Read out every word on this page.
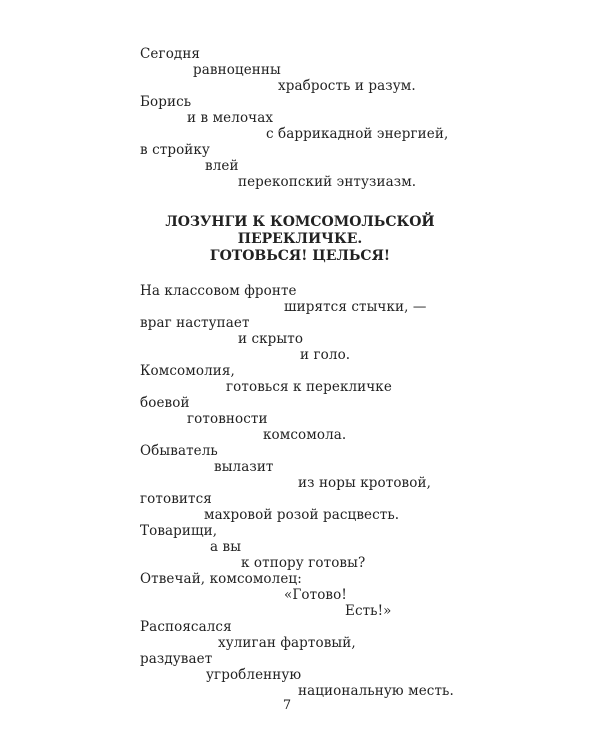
Сегодня
равноценны
храбрость и разум.
Борись
и в мелочах
с баррикадной энергией,
в стройку
влей
перекопский энтузиазм.
ЛОЗУНГИ К КОМСОМОЛЬСКОЙ
ПЕРЕКЛИЧКЕ.
ГОТОВЬСЯ! ЦЕЛЬСЯ!
На классовом фронте
ширятся стычки, —
враг наступает
и скрыто
и голо.
Комсомолия,
готовься к перекличке
боевой
готовности
комсомола.
Обыватель
вылазит
из норы кротовой,
готовится
махровой розой расцвесть.
Товарищи,
а вы
к отпору готовы?
Отвечай, комсомолец:
«Готово!
Есть!»
Распоясался
хулиган фартовый,
раздувает
угробленную
национальную месть.
7
